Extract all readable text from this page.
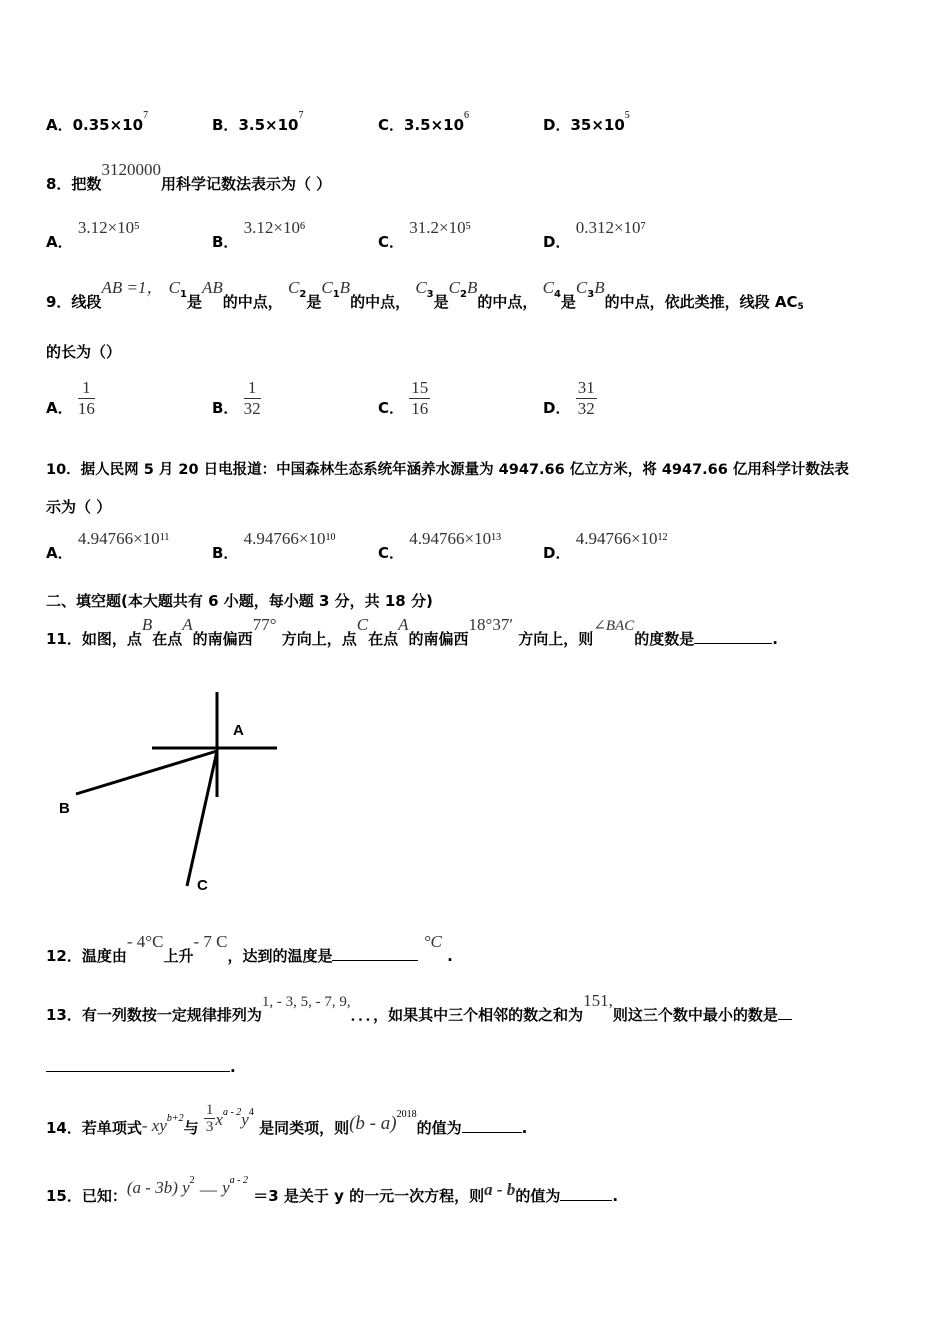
A．$0.35\times 10^7$
B．$3.5\times 10^7$
C．$3.5\times 10^6$
D．$35\times 10^5$
8．把数3120000用科学记数法表示为（ ）
A． $3.12\times 10^5$
B． $3.12\times 10^6$
C． $31.2\times 10^5$
D． $0.312\times 10^7$
9．线段AB =1， $C^1$是AB的中点， $C^2$是$C^1B$的中点， $C^3$是$C^2B$的中点， $C^4$是$C^3B$的中点，依此类推，线段 AC5
的长为（）
A． $\frac{1}{16}$	B． $\frac{1}{32}$	C． $\frac{15}{16}$	D． $\frac{31}{32}$
10．据人民网 5 月 20 日电报道：中国森林生态系统年涵养水源量为 4947.66 亿立方米，将 4947.66 亿用科学计数法表
示为（ ）
A． $4.94766\times 10^{11}$
B． $4.94766\times 10^{10}$
C． $4.94766\times 10^{13}$
D． $4.94766\times 10^{12}$
二、填空题(本大题共有 6 小题，每小题 3 分，共 18 分)
11．如图，点B在点A的南偏西77° 方向上，点C在点A的南偏西18°37′ 方向上，则∠BAC的度数是	.
A
B
C
12．温度由- 4°C上升- 7 C，达到的温度是 °C .
13．有一列数按一定规律排列为1, - 3, 5, - 7, 9,．．．，如果其中三个相邻的数之和为151,则这三个数中最小的数是
.
14．若单项式- $xy^{b+2}$与 $\frac{1}{3} x^{a - 2}y^4$ 是同类项，则(b - a)$^{2018}$的值为	.
15．已知：(a - 3b) $y^2$ — $y^{a - 2} =3$ 是关于 y 的一元一次方程，则a - b的值为	.
